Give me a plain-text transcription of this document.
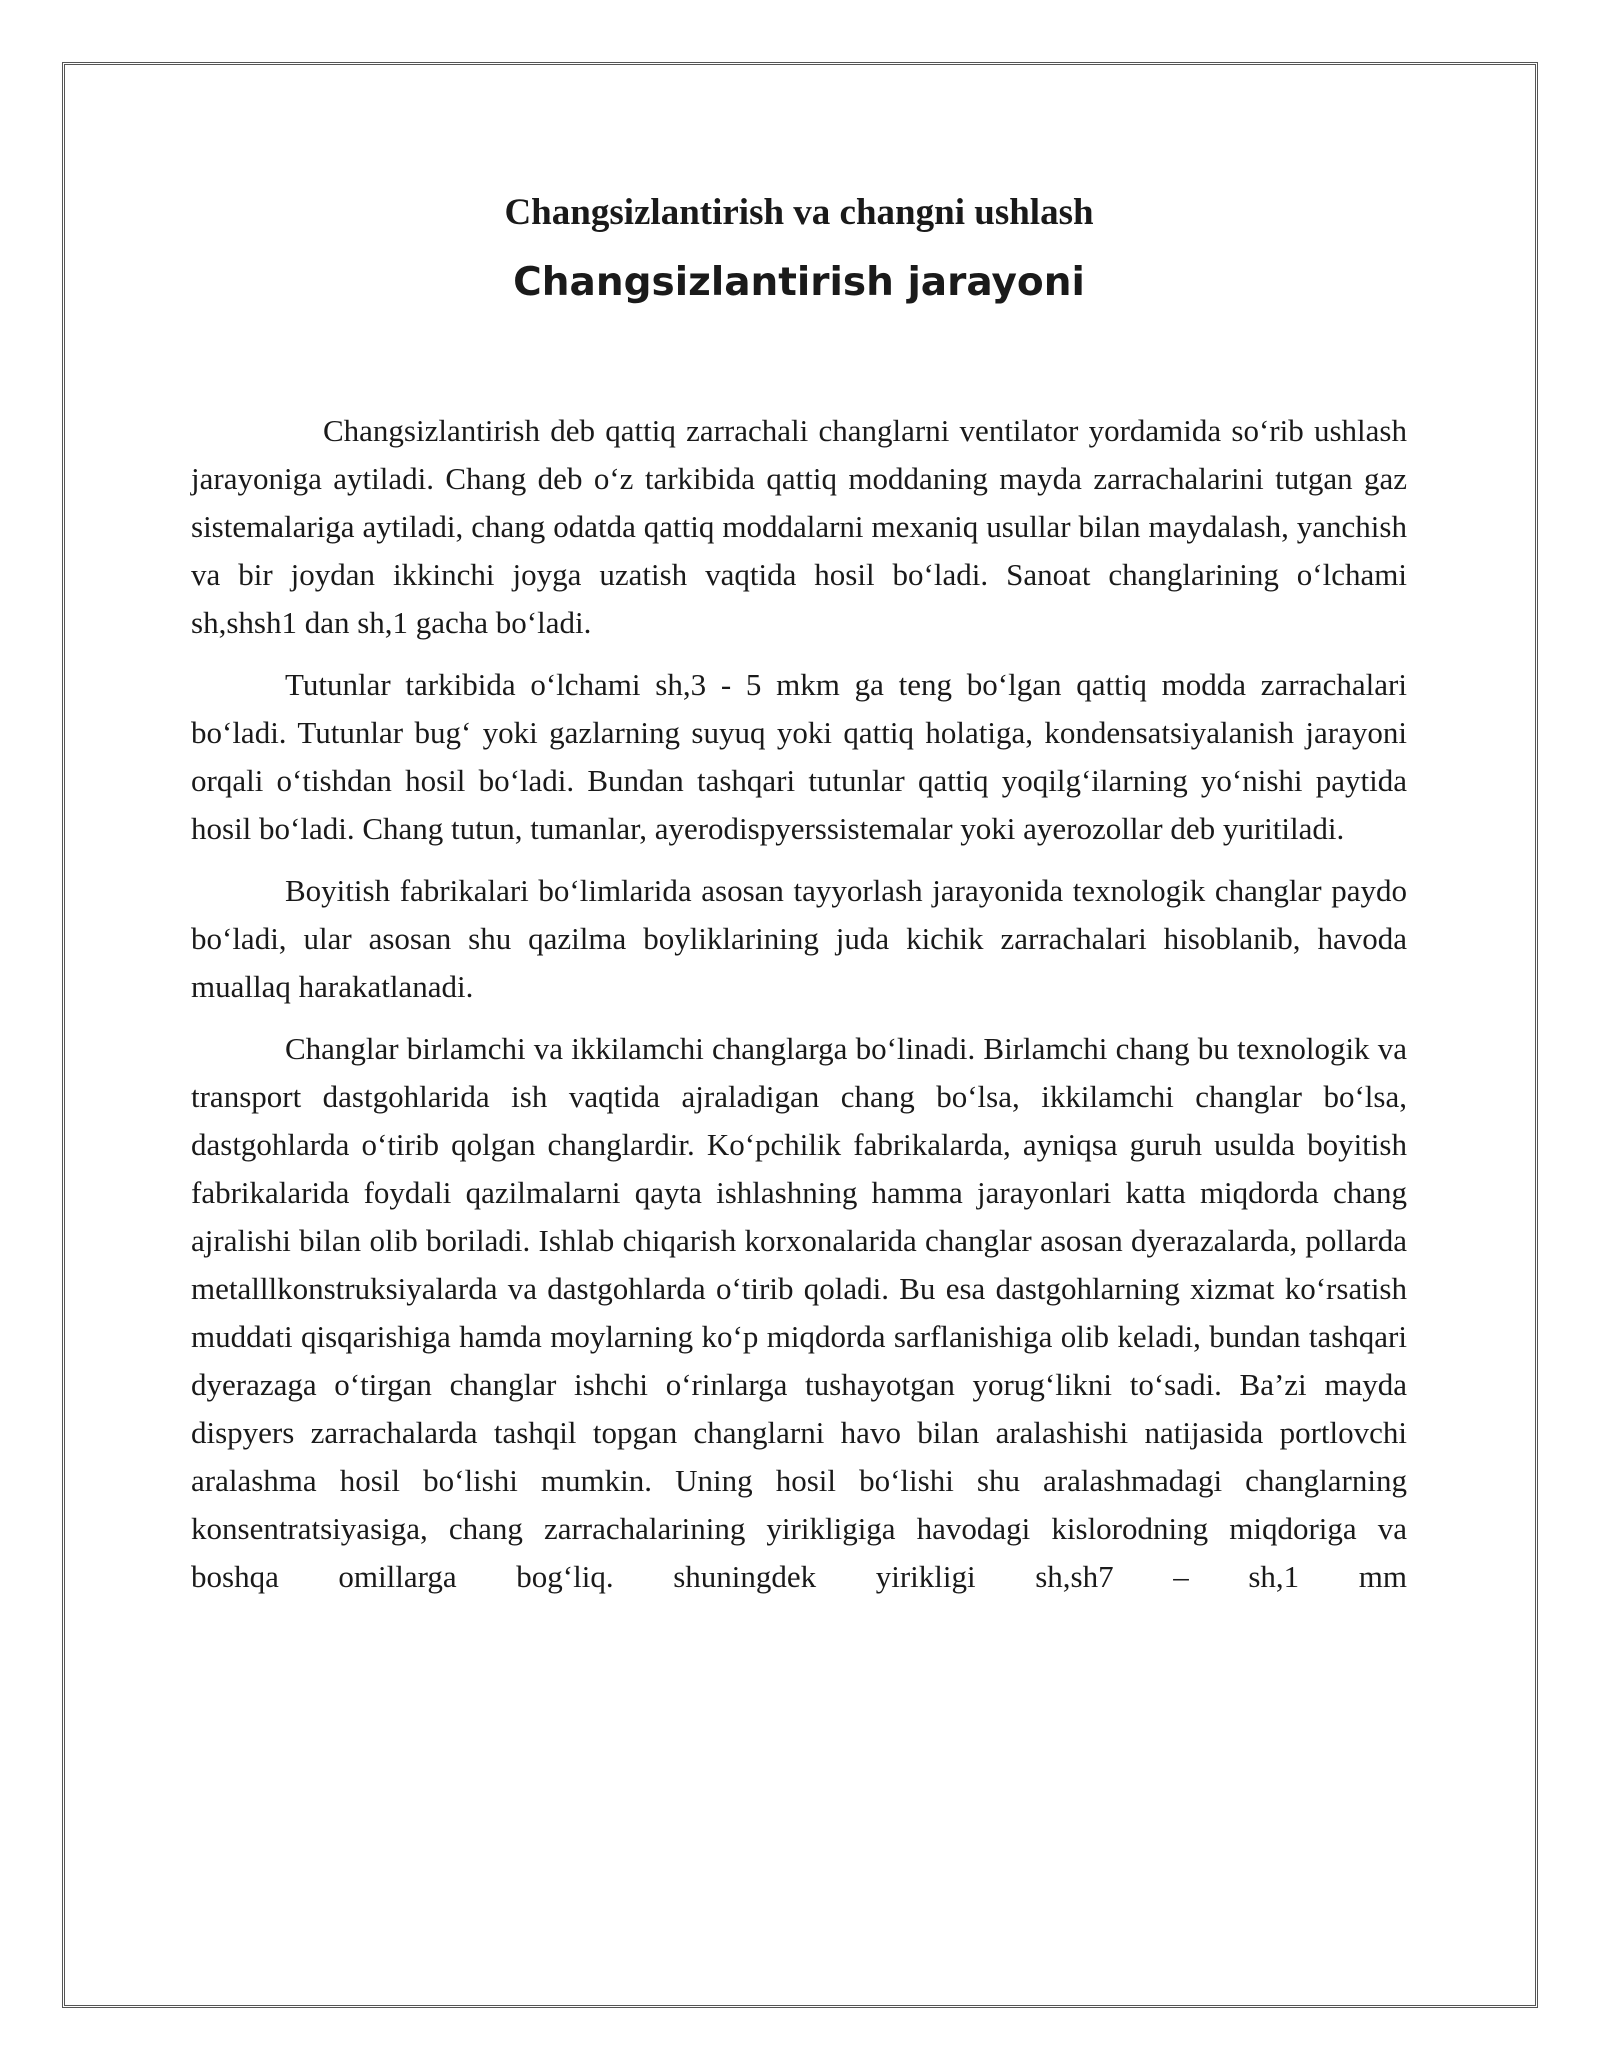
Changsizlantirish va changni ushlash
Changsizlantirish jarayoni

Changsizlantirish deb qattiq zarrachali changlarni ventilator yordamida so‘rib ushlash jarayoniga aytiladi. Chang deb o‘z tarkibida qattiq moddaning mayda zarrachalarini tutgan gaz sistemalariga aytiladi, chang odatda qattiq moddalarni mexaniq usullar bilan maydalash, yanchish va bir joydan ikkinchi joyga uzatish vaqtida hosil bo‘ladi. Sanoat changlarining o‘lchami sh,shsh1 dan sh,1 gacha bo‘ladi.

Tutunlar tarkibida o‘lchami sh,3 - 5 mkm ga teng bo‘lgan qattiq modda zarrachalari bo‘ladi. Tutunlar bug‘ yoki gazlarning suyuq yoki qattiq holatiga, kondensatsiyalanish jarayoni orqali o‘tishdan hosil bo‘ladi. Bundan tashqari tutunlar qattiq yoqilg‘ilarning yo‘nishi paytida hosil bo‘ladi. Chang tutun, tumanlar, ayerodispyerssistemalar yoki ayerozollar deb yuritiladi.

Boyitish fabrikalari bo‘limlarida asosan tayyorlash jarayonida texnologik changlar paydo bo‘ladi, ular asosan shu qazilma boyliklarining juda kichik zarrachalari hisoblanib, havoda muallaq harakatlanadi.

Changlar birlamchi va ikkilamchi changlarga bo‘linadi. Birlamchi chang bu texnologik va transport dastgohlarida ish vaqtida ajraladigan chang bo‘lsa, ikkilamchi changlar bo‘lsa, dastgohlarda o‘tirib qolgan changlardir. Ko‘pchilik fabrikalarda, ayniqsa guruh usulda boyitish fabrikalarida foydali qazilmalarni qayta ishlashning hamma jarayonlari katta miqdorda chang ajralishi bilan olib boriladi. Ishlab chiqarish korxonalarida changlar asosan dyerazalarda, pollarda metalllkonstruksiyalarda va dastgohlarda o‘tirib qoladi. Bu esa dastgohlarning xizmat ko‘rsatish muddati qisqarishiga hamda moylarning ko‘p miqdorda sarflanishiga olib keladi, bundan tashqari dyerazaga o‘tirgan changlar ishchi o‘rinlarga tushayotgan yorug‘likni to‘sadi. Ba’zi mayda dispyers zarrachalarda tashqil topgan changlarni havo bilan aralashishi natijasida portlovchi aralashma hosil bo‘lishi mumkin. Uning hosil bo‘lishi shu aralashmadagi changlarning konsentratsiyasiga, chang zarrachalarining yirikligiga havodagi kislorodning miqdoriga va boshqa omillarga bog‘liq. shuningdek yirikligi sh,sh7 – sh,1 mm
